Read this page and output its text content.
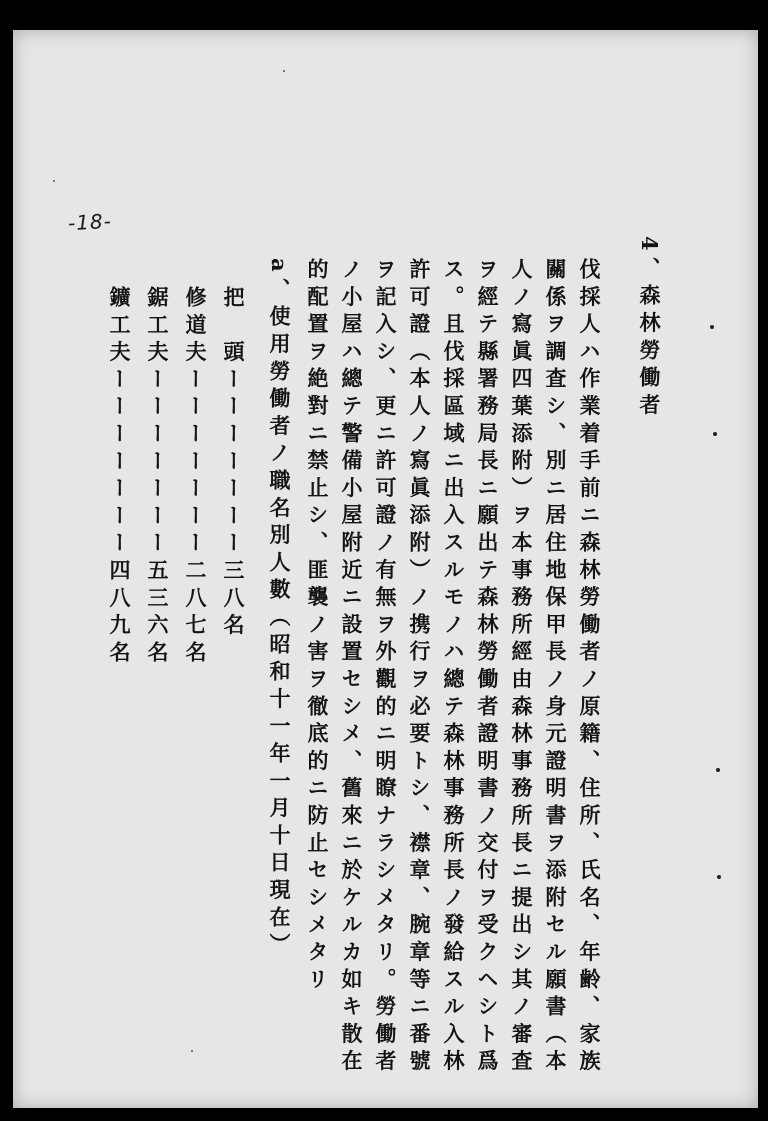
-18-
4、森林勞働者
伐採人ハ作業着手前ニ森林勞働者ノ原籍、住所、氏名、年齢、家族
關係ヲ調査シ、別ニ居住地保甲長ノ身元證明書ヲ添附セル願書（本
人ノ寫眞四葉添附）ヲ本事務所經由森林事務所長ニ提出シ其ノ審査
ヲ經テ縣署務局長ニ願出テ森林勞働者證明書ノ交付ヲ受クヘシト爲
ス。且伐採區域ニ出入スルモノハ總テ森林事務所長ノ發給スル入林
許可證（本人ノ寫眞添附）ノ携行ヲ必要トシ、襟章、腕章等ニ番號
ヲ記入シ、更ニ許可證ノ有無ヲ外觀的ニ明瞭ナラシメタリ。勞働者
ノ小屋ハ總テ警備小屋附近ニ設置セシメ、舊來ニ於ケルカ如キ散在
的配置ヲ絶對ニ禁止シ、匪襲ノ害ヲ徹底的ニ防止セシメタリ
a、使用勞働者ノ職名別人數（昭和十一年一月十日現在）
把　頭ーーーーーーー三八名
修道夫ーーーーーーー二八七名
鋸工夫ーーーーーーー五三六名
鑛工夫ーーーーーーー四八九名
